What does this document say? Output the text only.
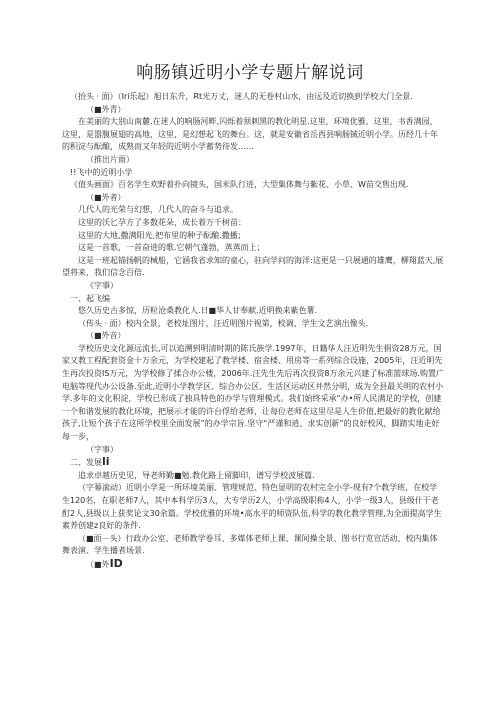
响肠镇近明小学专题片解说词

（抬头 · 面）（Iri乐起）旭日东升，Rt光万丈，迷人的无卷村山水，由远及近切换到学校大门全景.

（■外青）

在美丽的大别山南麓.在迷人的响肠河畔,闪烁着须刺黑的教化明星.这里，环境优雅，这里，书香满园，这里，是嚣腹展翅的高地，这里，是幻想起飞的舞台。这，就是安徽省岳西县响肠铖近明小学。历经几十年的积淀与酝酿，成熟而又年轻的近明小学蓄势待发……

（推出片面）

!!飞中的近明小学

《值头画面》百名学生欢野着扑向镜头，国米队行进，大型集体舞与紫花、小草、W苗交售出现.

（■外者）

几代人的光荣与幻想，几代人的奋斗与追求。

这里的沃匕孕方了多数花朵，成长着万千树苗：

这里的大地,撒满阳光,把布里的种子酝酿.撒播；

这是一首歌，一首奋进的歌.它朝气蓬勃，蒸蒸而上；

这是一班起锚扬帆的械船，它涵我省求知的童心，驻向学问的海洋:这更是一只展通的雄鹰，柳翔蓝天,展望将来，我们信念百倍.

《字事）

一、起飞编

悠久历史古多惊，历粒沧桑教化人.日■华人甘奉献.近明换来紫色薯.

（传头 · 面）校内全景，老校址图片，汪近明图片视第，校调、学生文艺演出像头.

（■外音）

学校历史文化源远流长,可以追溯到明清时期的陈氏族学.1997年，日籍华人汪近明先生捐资28万元，国家又教工程配套资金十万余元，为学校建起了教学楼、宿舍楼、用房等一系列综合设施，2005年，汪近明先生再次投资IS万元，为学校修了揉合办公楼，2006年.汪先生先后再次投资8万余元兴建了标准篮球场.购置广电脑等现代办公设备.至此,近明小学教学区、综合办公区、生活区运动区井然分明，成为全县最关明的农村小学.多年的文化积淀，学校已形成了独具特色的办学与管理模式。我们始终采承“办•所人民满足的学校，创建一个和谐发展的教化环境，把展示才能的许台俘给老师，让每位老师在这里尽是人生价值,把最好的教化献给孩子,让短个孩子在这所学校里全面发展”的办学宗旨.坚守“严谨和逍、求实创新”的良好校风，脚踏实地走好每一步，

（字事）

二、发展li

追求卓越历史见，导老师勤■勉.教化路上留脚印，谱写学校波展篇.

（字幕滚动）近明小学是一所环境美丽、管理规范、特色显明的农村完全小学-现有?个教学班，在校学生120名，在职老师7人，其中本科学历3人，大专学历2人，小学高级职称4人，小学一级3人，县级什干老酊2人,县级以上获奖论文30余篇。学校优雅的环境•高水平的师资队伍,科学的教化教学管理,为全面提高学生素养创建z良好的条件.

（■面－头）行政办公室、老师教学卷耳、多媒体老师上课、课间操全景、图书行览宣活动、校内集体舞表演、学生播者场景.

（■外ID
